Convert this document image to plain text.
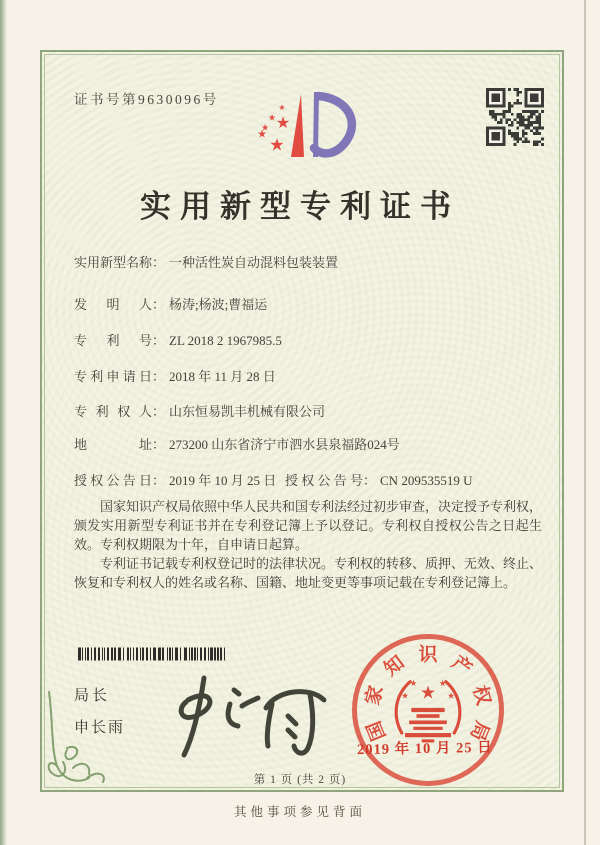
证书号第9630096号
★
★ ★
★
★
★
实用新型专利证书
实用新型名称： 一种活性炭自动混料包装装置
发明人： 杨涛;杨波;曹福运
专利号： ZL 2018 2 1967985.5
专利申请日： 2018 年 11 月 28 日
专利权人： 山东恒易凯丰机械有限公司
地址： 273200 山东省济宁市泗水县泉福路024号
授权公告日： 2019 年 10 月 25 日 授权公告号： CN 209535519 U

国家知识产权局依照中华人民共和国专利法经过初步审查，决定授予专利权，颁发实用新型专利证书并在专利登记簿上予以登记。专利权自授权公告之日起生效。专利权期限为十年，自申请日起算。

专利证书记载专利权登记时的法律状况。专利权的转移、质押、无效、终止、恢复和专利权人的姓名或名称、国籍、地址变更等事项记载在专利登记簿上。

局长
申长雨	国
家
知 识 产
权
局
★
★	★
★	★
2019 年 10 月 25 日
第 1 页 (共 2 页)
其他事项参见背面
